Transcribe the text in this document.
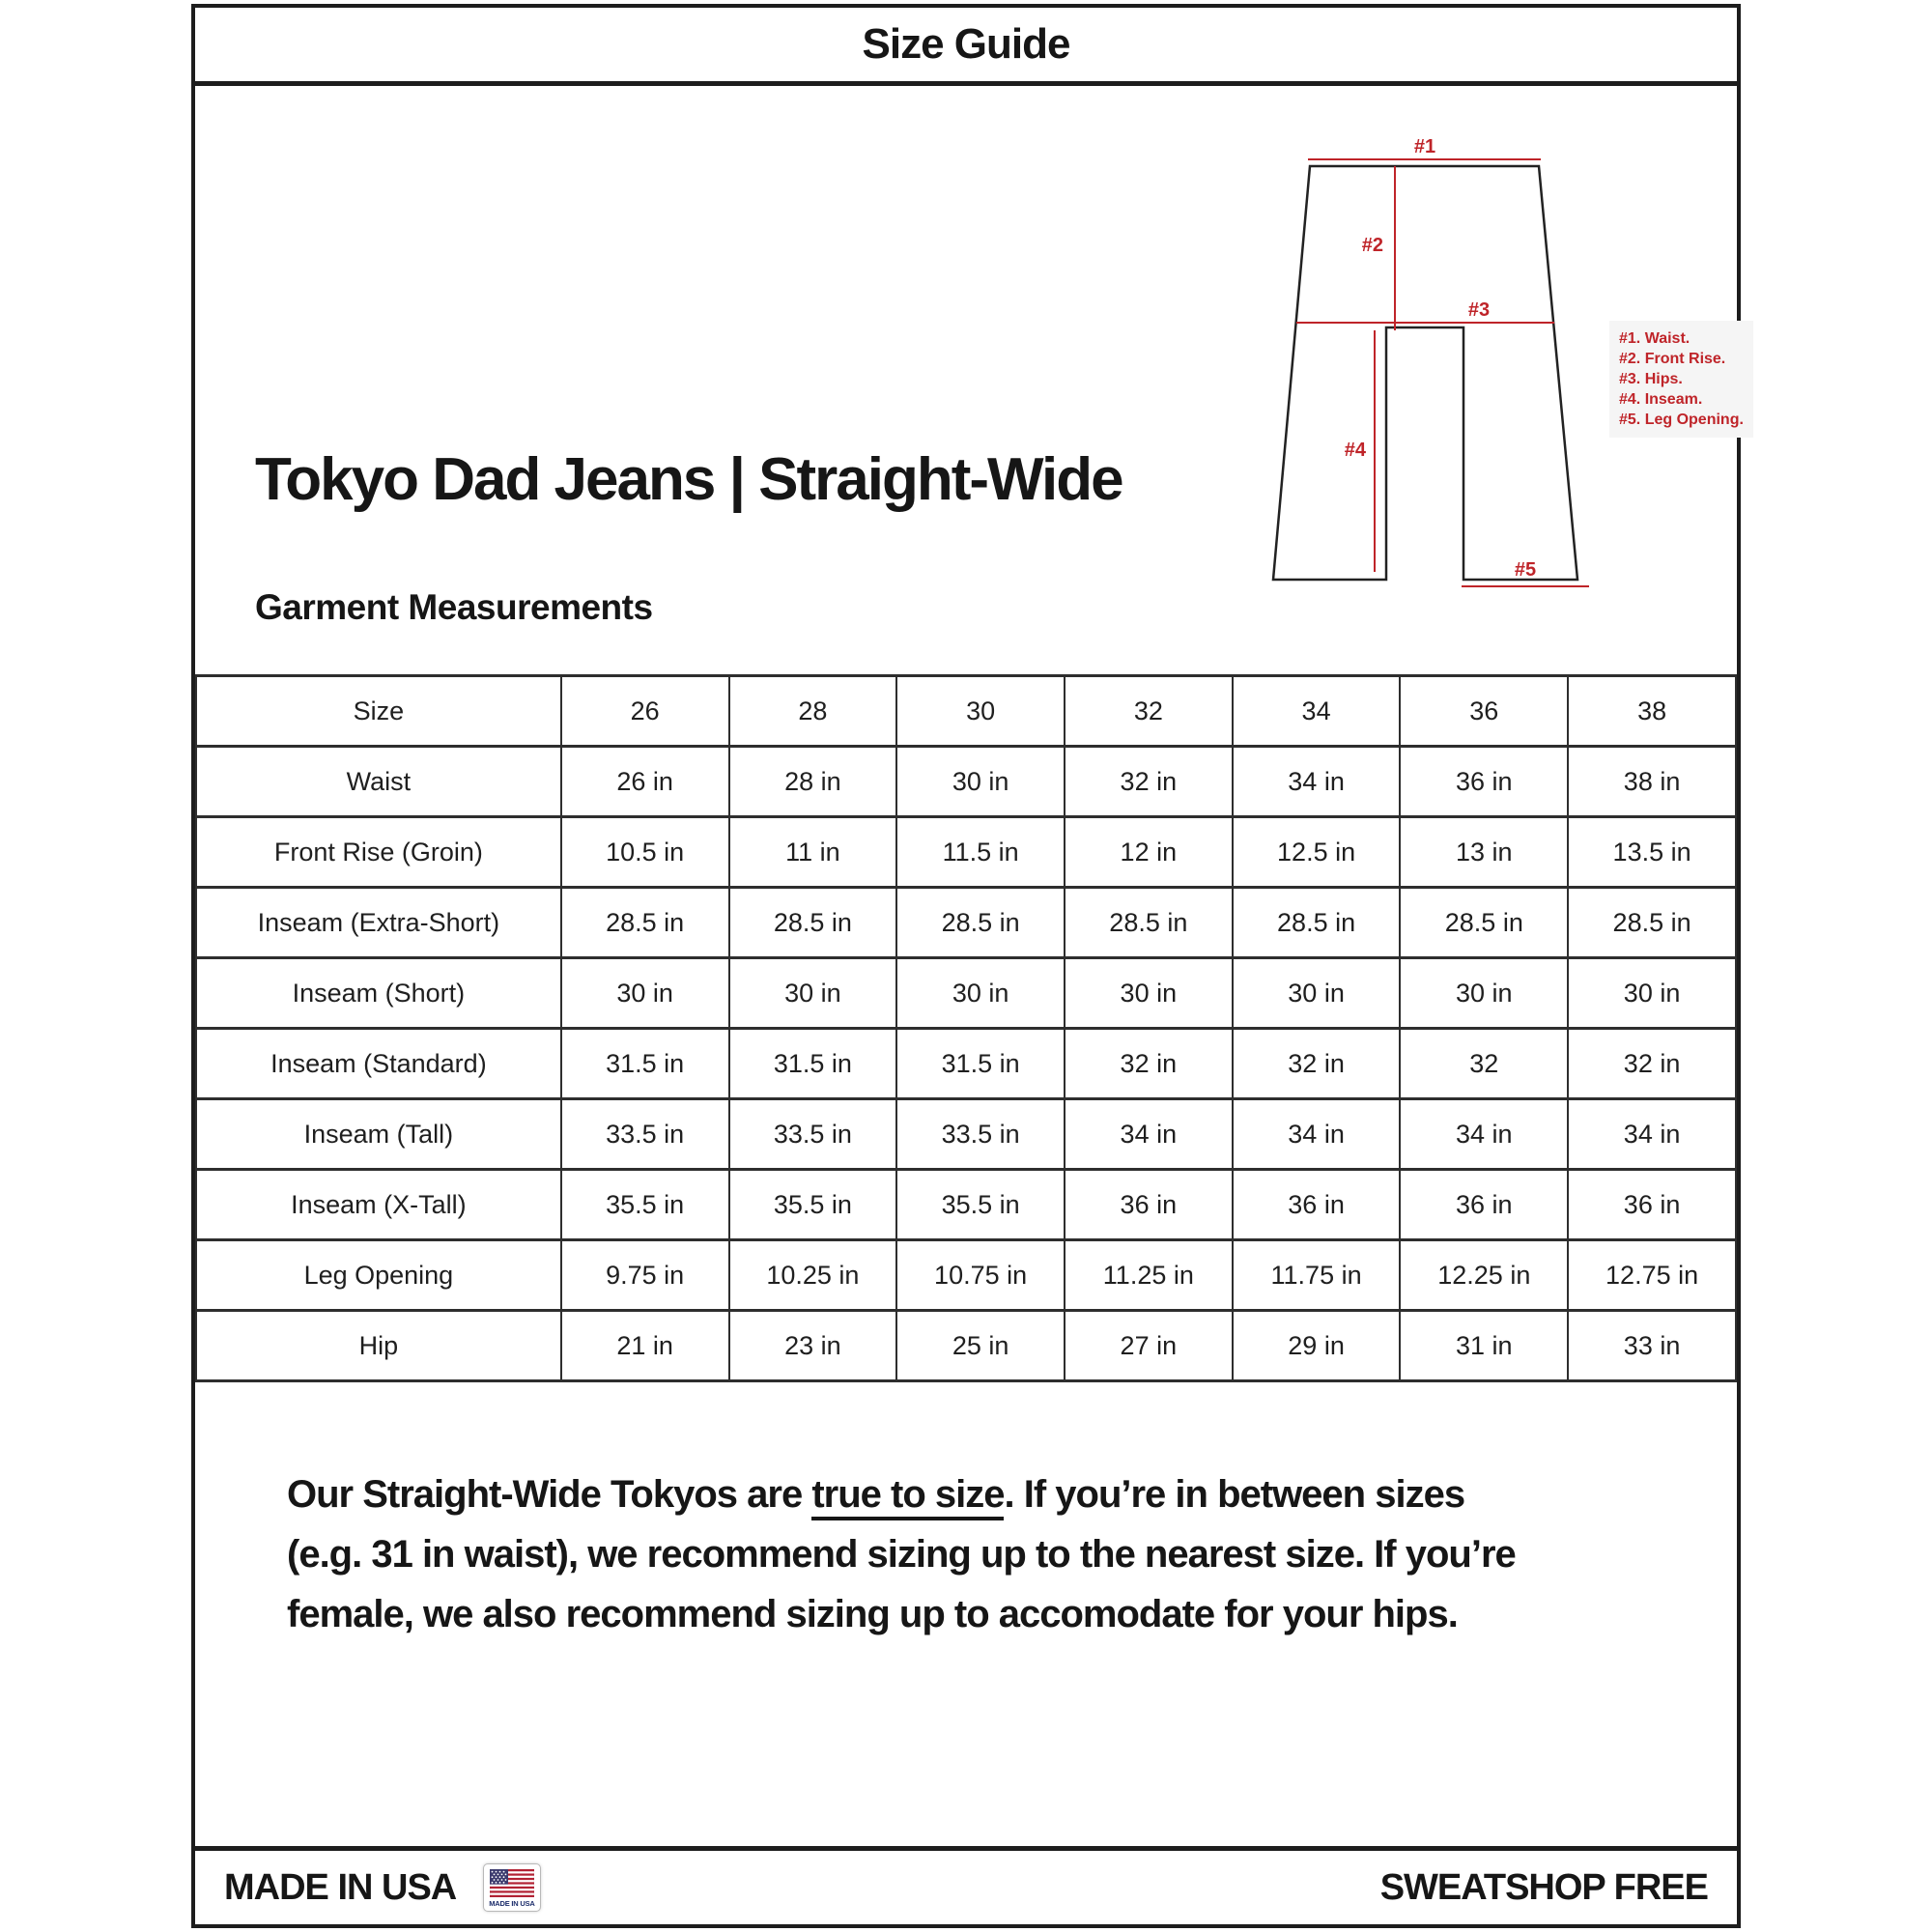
Size Guide
#1
#2
#3
#4
#5
#1. Waist.
#2. Front Rise.
#3. Hips.
#4. Inseam.
#5. Leg Opening.
Tokyo Dad Jeans | Straight-Wide
Garment Measurements
Size	26	28	30	32	34	36	38
Waist	26 in	28 in	30 in	32 in	34 in	36 in	38 in
Front Rise (Groin)	10.5 in	11 in	11.5 in	12 in	12.5 in	13 in	13.5 in
Inseam (Extra-Short)	28.5 in	28.5 in	28.5 in	28.5 in	28.5 in	28.5 in	28.5 in
Inseam (Short)	30 in	30 in	30 in	30 in	30 in	30 in	30 in
Inseam (Standard)	31.5 in	31.5 in	31.5 in	32 in	32 in	32	32 in
Inseam (Tall)	33.5 in	33.5 in	33.5 in	34 in	34 in	34 in	34 in
Inseam (X-Tall)	35.5 in	35.5 in	35.5 in	36 in	36 in	36 in	36 in
Leg Opening	9.75 in	10.25 in	10.75 in	11.25 in	11.75 in	12.25 in	12.75 in
Hip	21 in	23 in	25 in	27 in	29 in	31 in	33 in
Our Straight-Wide Tokyos are true to size. If you’re in between sizes
(e.g. 31 in waist), we recommend sizing up to the nearest size. If you’re
female, we also recommend sizing up to accomodate for your hips.
MADE IN USA	MADE IN USA	SWEATSHOP FREE
